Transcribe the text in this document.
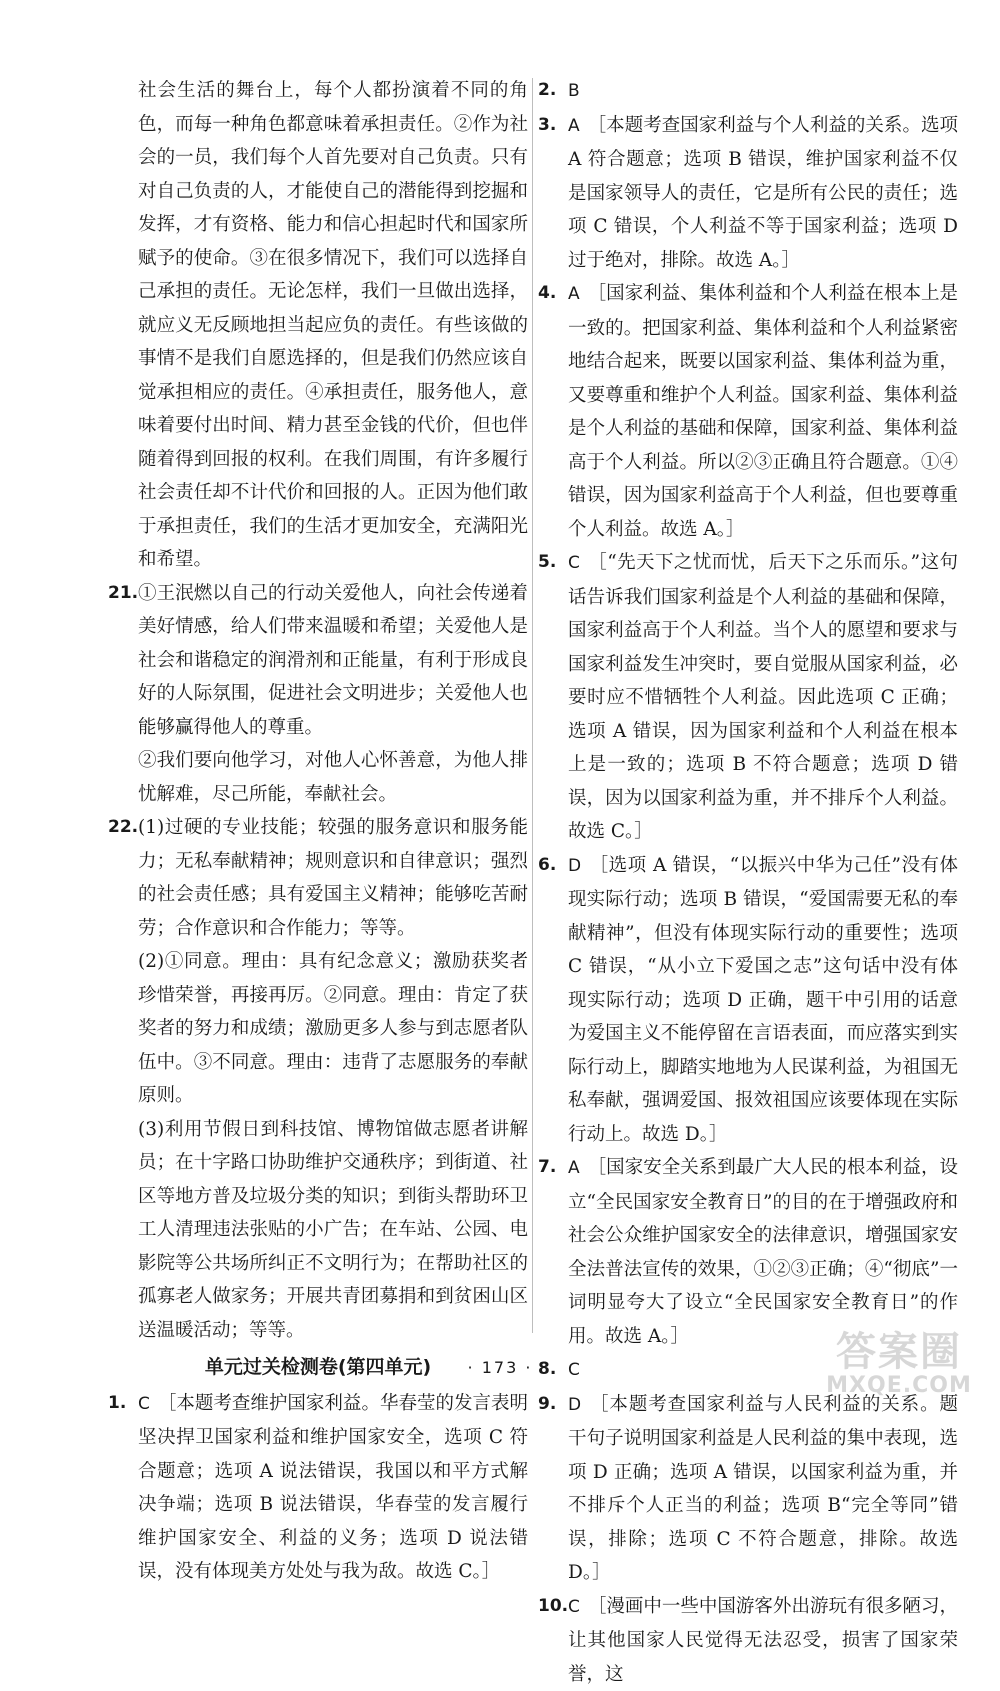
社会生活的舞台上，每个人都扮演着不同的角色，而每一种角色都意味着承担责任。②作为社会的一员，我们每个人首先要对自己负责。只有对自己负责的人，才能使自己的潜能得到挖掘和发挥，才有资格、能力和信心担起时代和国家所赋予的使命。③在很多情况下，我们可以选择自己承担的责任。无论怎样，我们一旦做出选择，就应义无反顾地担当起应负的责任。有些该做的事情不是我们自愿选择的，但是我们仍然应该自觉承担相应的责任。④承担责任，服务他人，意味着要付出时间、精力甚至金钱的代价，但也伴随着得到回报的权利。在我们周围，有许多履行社会责任却不计代价和回报的人。正因为他们敢于承担责任，我们的生活才更加安全，充满阳光和希望。

21. ①王泯燃以自己的行动关爱他人，向社会传递着美好情感，给人们带来温暖和希望；关爱他人是社会和谐稳定的润滑剂和正能量，有利于形成良好的人际氛围，促进社会文明进步；关爱他人也能够赢得他人的尊重。

②我们要向他学习，对他人心怀善意，为他人排忧解难，尽己所能，奉献社会。

22. (1)过硬的专业技能；较强的服务意识和服务能力；无私奉献精神；规则意识和自律意识；强烈的社会责任感；具有爱国主义精神；能够吃苦耐劳；合作意识和合作能力；等等。

(2)①同意。理由：具有纪念意义；激励获奖者珍惜荣誉，再接再厉。②同意。理由：肯定了获奖者的努力和成绩；激励更多人参与到志愿者队伍中。③不同意。理由：违背了志愿服务的奉献原则。

(3)利用节假日到科技馆、博物馆做志愿者讲解员；在十字路口协助维护交通秩序；到街道、社区等地方普及垃圾分类的知识；到街头帮助环卫工人清理违法张贴的小广告；在车站、公园、电影院等公共场所纠正不文明行为；在帮助社区的孤寡老人做家务；开展共青团募捐和到贫困山区送温暖活动；等等。

单元过关检测卷(第四单元)
1. C ［本题考查维护国家利益。华春莹的发言表明坚决捍卫国家利益和维护国家安全，选项 C 符合题意；选项 A 说法错误，我国以和平方式解决争端；选项 B 说法错误，华春莹的发言履行维护国家安全、利益的义务；选项 D 说法错误，没有体现美方处处与我为敌。故选 C。］
2. B
3. A ［本题考查国家利益与个人利益的关系。选项 A 符合题意；选项 B 错误，维护国家利益不仅是国家领导人的责任，它是所有公民的责任；选项 C 错误，个人利益不等于国家利益；选项 D 过于绝对，排除。故选 A。］
4. A ［国家利益、集体利益和个人利益在根本上是一致的。把国家利益、集体利益和个人利益紧密地结合起来，既要以国家利益、集体利益为重，又要尊重和维护个人利益。国家利益、集体利益是个人利益的基础和保障，国家利益、集体利益高于个人利益。所以②③正确且符合题意。①④错误，因为国家利益高于个人利益，但也要尊重个人利益。故选 A。］
5. C ［“先天下之忧而忧，后天下之乐而乐。”这句话告诉我们国家利益是个人利益的基础和保障，国家利益高于个人利益。当个人的愿望和要求与国家利益发生冲突时，要自觉服从国家利益，必要时应不惜牺牲个人利益。因此选项 C 正确；选项 A 错误，因为国家利益和个人利益在根本上是一致的；选项 B 不符合题意；选项 D 错误，因为以国家利益为重，并不排斥个人利益。故选 C。］
6. D ［选项 A 错误，“以振兴中华为己任”没有体现实际行动；选项 B 错误，“爱国需要无私的奉献精神”，但没有体现实际行动的重要性；选项 C 错误，“从小立下爱国之志”这句话中没有体现实际行动；选项 D 正确，题干中引用的话意为爱国主义不能停留在言语表面，而应落实到实际行动上，脚踏实地地为人民谋利益，为祖国无私奉献，强调爱国、报效祖国应该要体现在实际行动上。故选 D。］
7. A ［国家安全关系到最广大人民的根本利益，设立“全民国家安全教育日”的目的在于增强政府和社会公众维护国家安全的法律意识，增强国家安全法普法宣传的效果，①②③正确；④“彻底”一词明显夸大了设立“全民国家安全教育日”的作用。故选 A。］
8. C
9. D ［本题考查国家利益与人民利益的关系。题干句子说明国家利益是人民利益的集中表现，选项 D 正确；选项 A 错误，以国家利益为重，并不排斥个人正当的利益；选项 B“完全等同”错误，排除；选项 C 不符合题意，排除。故选 D。］
10. C ［漫画中一些中国游客外出游玩有很多陋习，让其他国家人民觉得无法忍受，损害了国家荣誉，这
· 173 ·	答案圈
MXQE.COM
